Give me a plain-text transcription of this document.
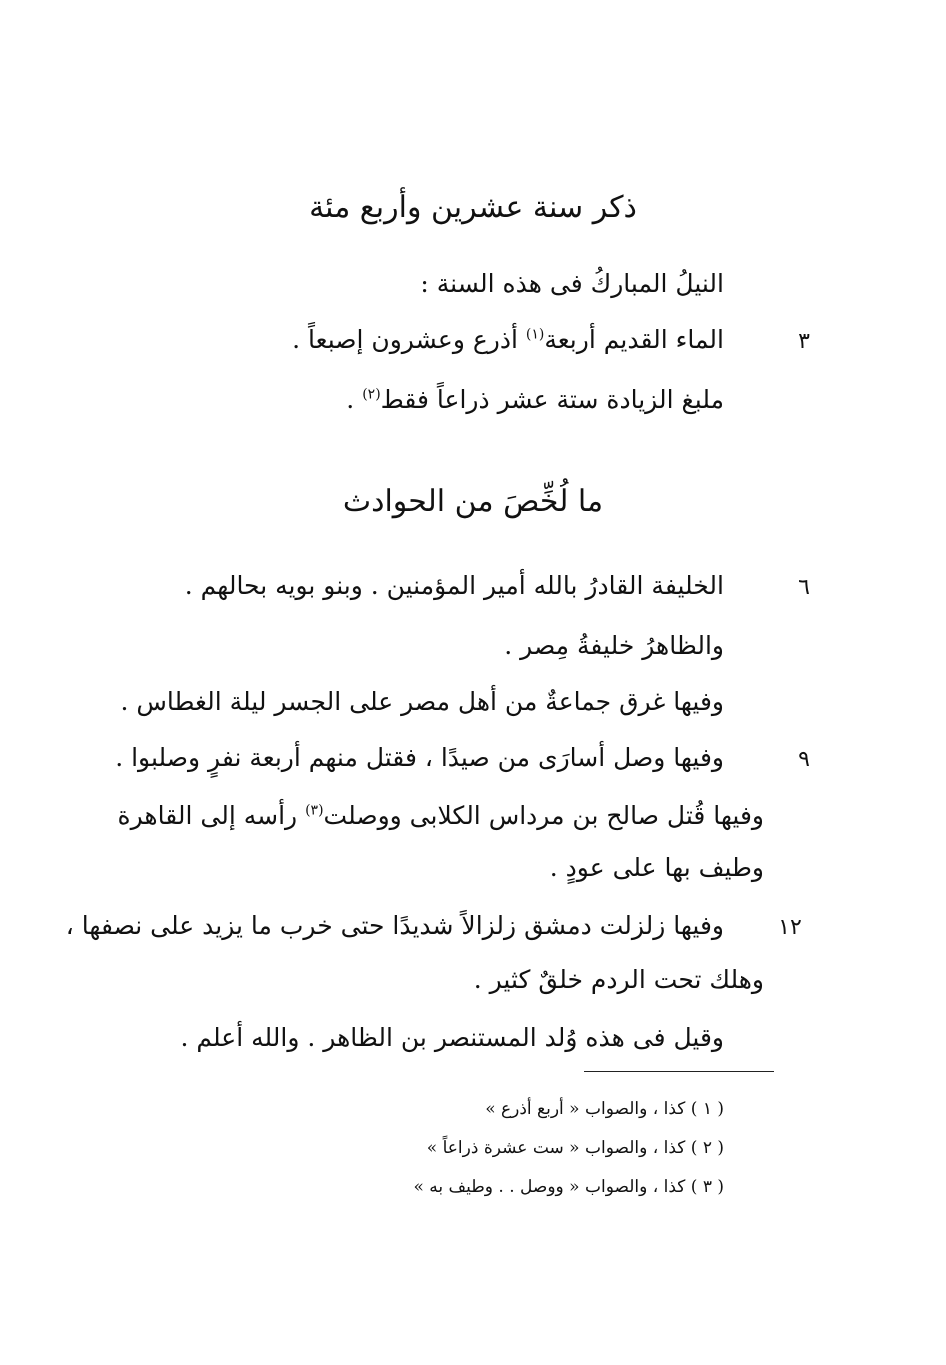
ذكر سنة عشرين وأربع مئة
النيلُ المباركُ فى هذه السنة :
الماء القديم أربعة$^{(١)}$ أذرع وعشرون إصبعاً .	٣
ملبغ الزيادة ستة عشر ذراعاً فقط$^{(٢)}$ .
ما لُخِّصَ من الحوادث
الخليفة القادرُ بالله أمير المؤمنين . وبنو بويه بحالهم .	٦
والظاهرُ خليفةُ مِصر .
وفيها غرق جماعةٌ من أهل مصر على الجسر ليلة الغطاس .
وفيها وصل أسارَى من صيدًا ، فقتل منهم أربعة نفرٍ وصلبوا .	٩
وفيها قُتل صالح بن مرداس الكلابى ووصلت$^{(٣)}$ رأسه إلى القاهرة
وطيف بها على عودٍ .
وفيها زلزلت دمشق زلزالاً شديدًا حتى خرب ما يزيد على نصفها ،	١٢
وهلك تحت الردم خلقٌ كثير .
وقيل فى هذه وُلد المستنصر بن الظاهر . والله أعلم .
( ١ ) كذا ، والصواب « أربع أذرع »
( ٢ ) كذا ، والصواب « ست عشرة ذراعاً »
( ٣ ) كذا ، والصواب « ووصل . . وطيف به »
